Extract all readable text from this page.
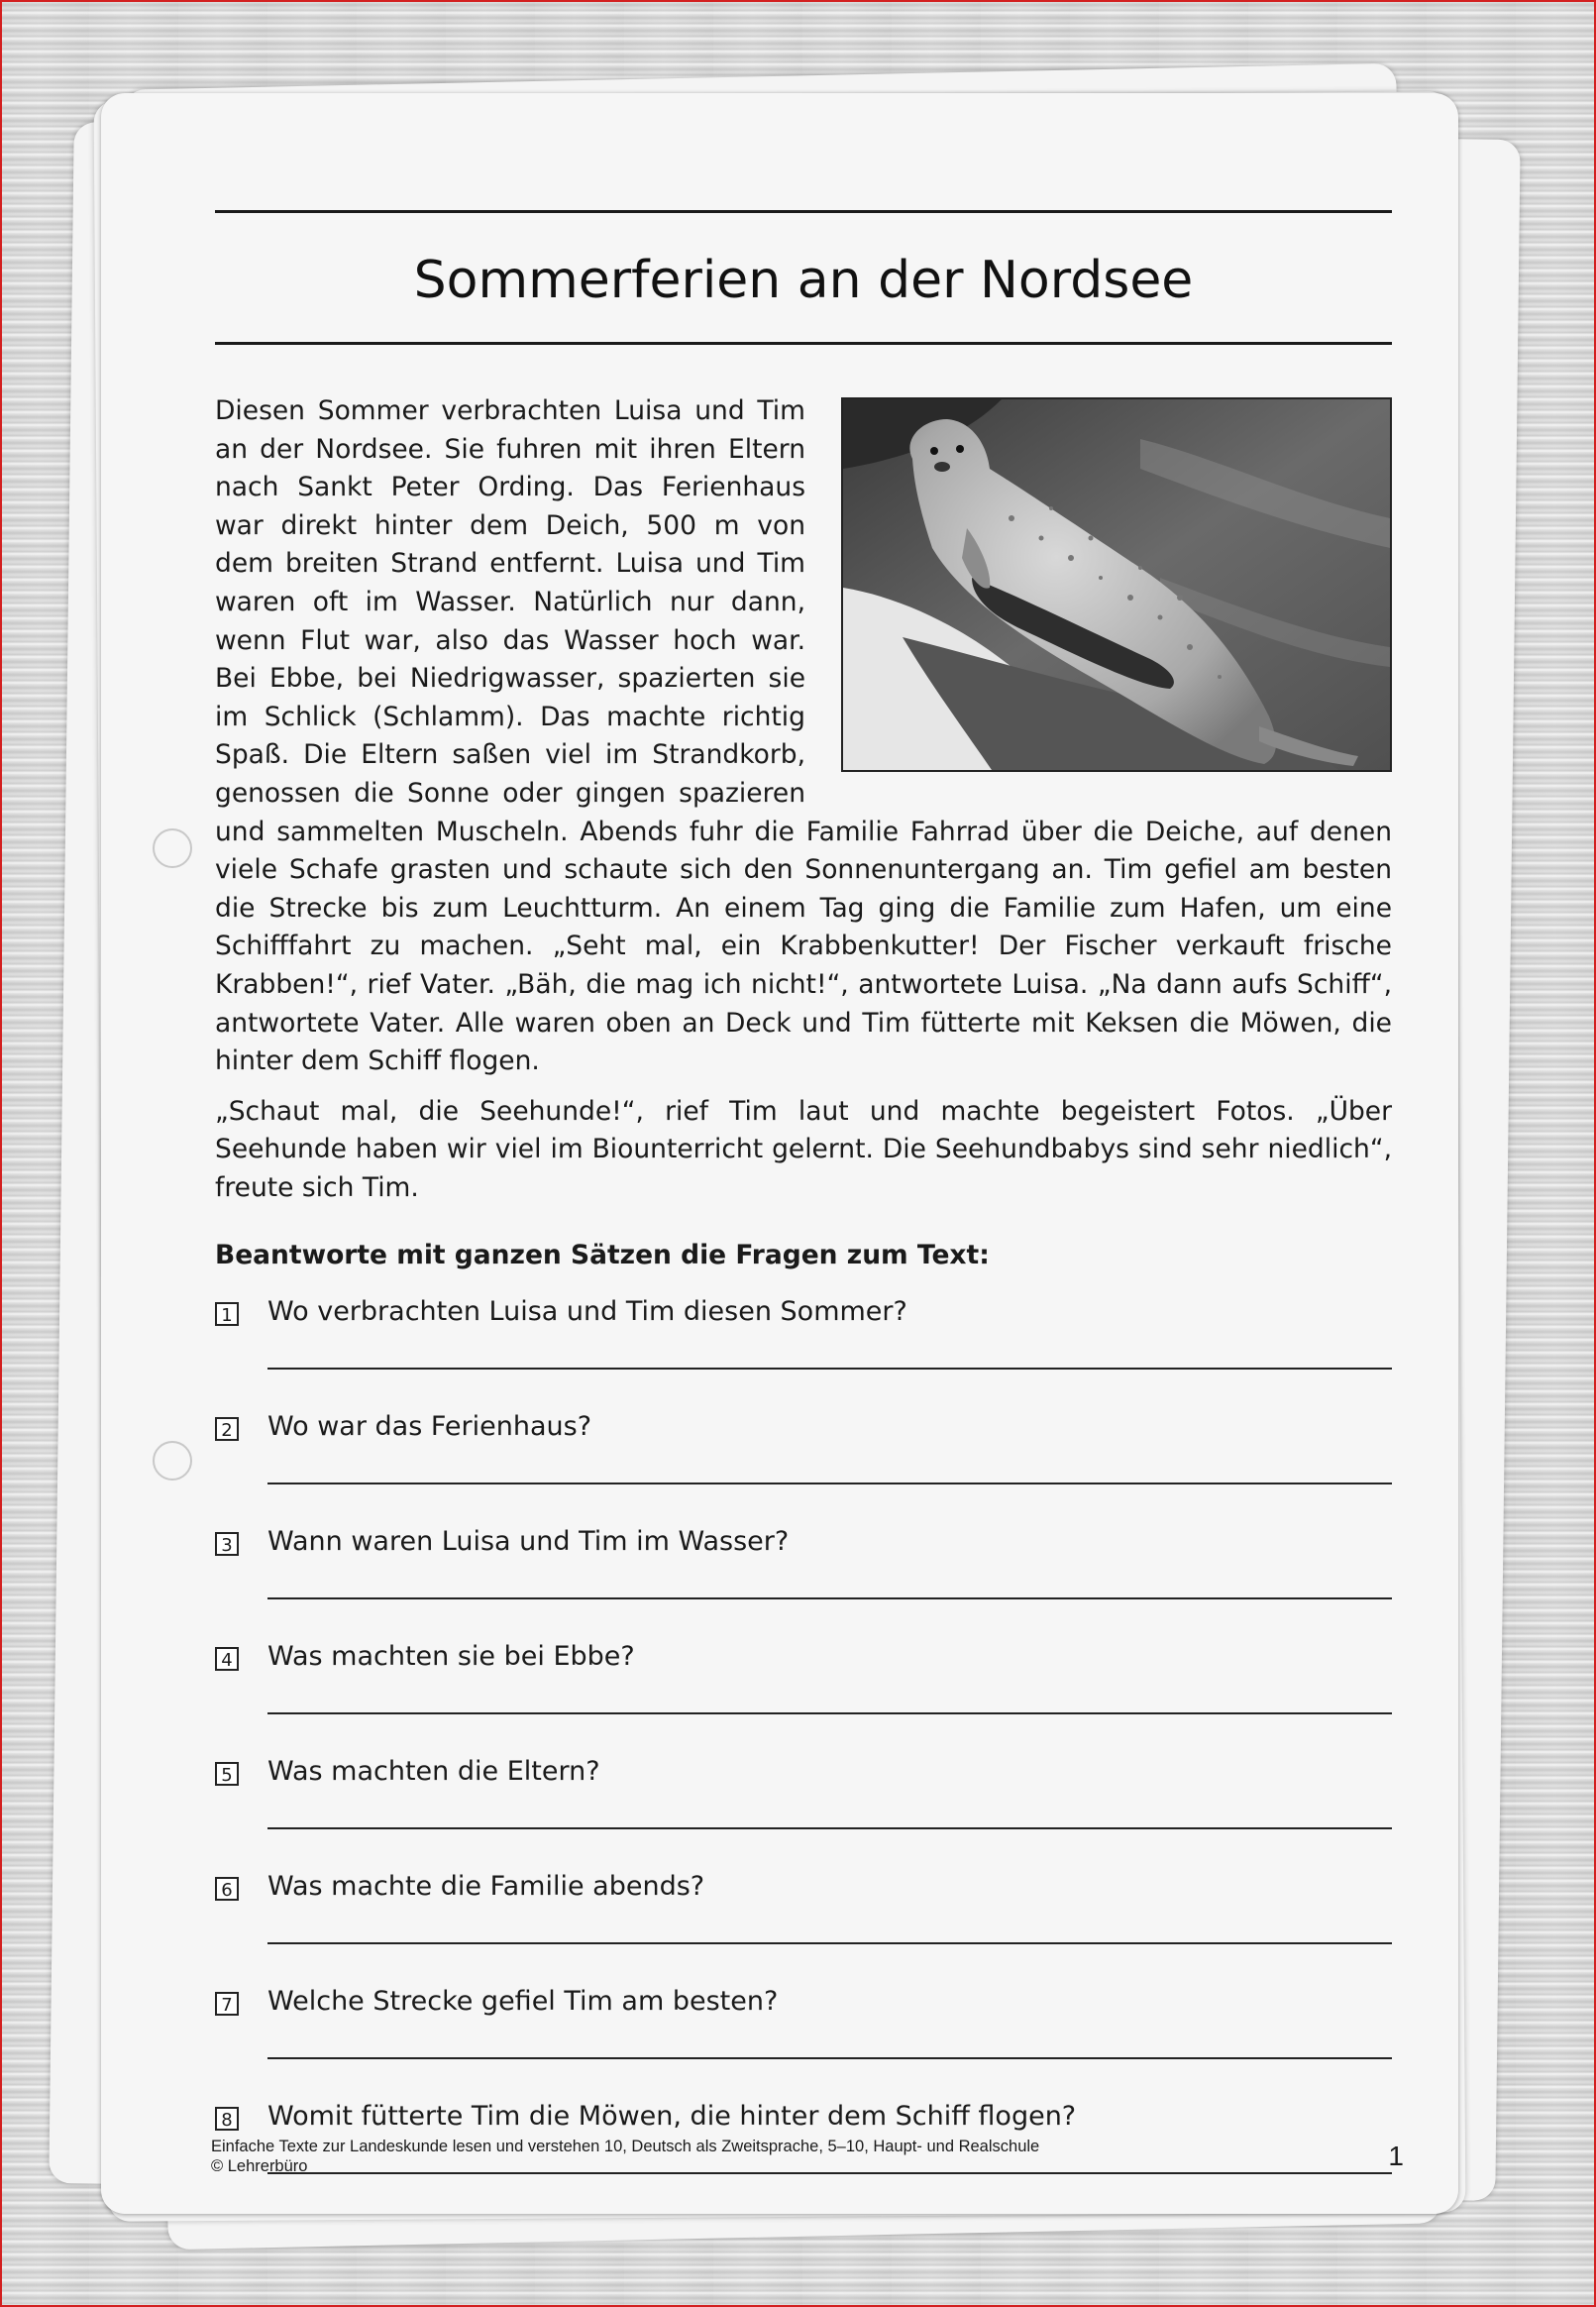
Sommerferien an der Nordsee
Diesen Sommer verbrachten Luisa und Tim an der Nordsee. Sie fuhren mit ihren Eltern nach Sankt Peter Ording. Das Ferienhaus war direkt hinter dem Deich, 500 m von dem breiten Strand entfernt. Luisa und Tim waren oft im Wasser. Natürlich nur dann, wenn Flut war, also das Wasser hoch war. Bei Ebbe, bei Niedrigwasser, spazierten sie im Schlick (Schlamm). Das machte richtig Spaß. Die Eltern saßen viel im Strandkorb, genossen die Sonne oder gingen spazieren und sammelten Muscheln. Abends fuhr die Familie Fahrrad über die Deiche, auf denen viele Schafe grasten und schaute sich den Sonnenuntergang an. Tim gefiel am besten die Strecke bis zum Leuchtturm. An einem Tag ging die Familie zum Hafen, um eine Schifffahrt zu machen. „Seht mal, ein Krabbenkutter! Der Fischer verkauft frische Krabben!“, rief Vater. „Bäh, die mag ich nicht!“, antwortete Luisa. „Na dann aufs Schiff“, antwortete Vater. Alle waren oben an Deck und Tim fütterte mit Keksen die Möwen, die hinter dem Schiff flogen.
„Schaut mal, die Seehunde!“, rief Tim laut und machte begeistert Fotos. „Über Seehunde haben wir viel im Biounterricht gelernt. Die Seehundbabys sind sehr niedlich“, freute sich Tim.
Beantworte mit ganzen Sätzen die Fragen zum Text:
1 Wo verbrachten Luisa und Tim diesen Sommer?
2 Wo war das Ferienhaus?
3 Wann waren Luisa und Tim im Wasser?
4 Was machten sie bei Ebbe?
5 Was machten die Eltern?
6 Was machte die Familie abends?
7 Welche Strecke gefiel Tim am besten?
8 Womit fütterte Tim die Möwen, die hinter dem Schiff flogen?
Einfache Texte zur Landeskunde lesen und verstehen 10, Deutsch als Zweitsprache, 5–10, Haupt- und Realschule
© Lehrerbüro	1
